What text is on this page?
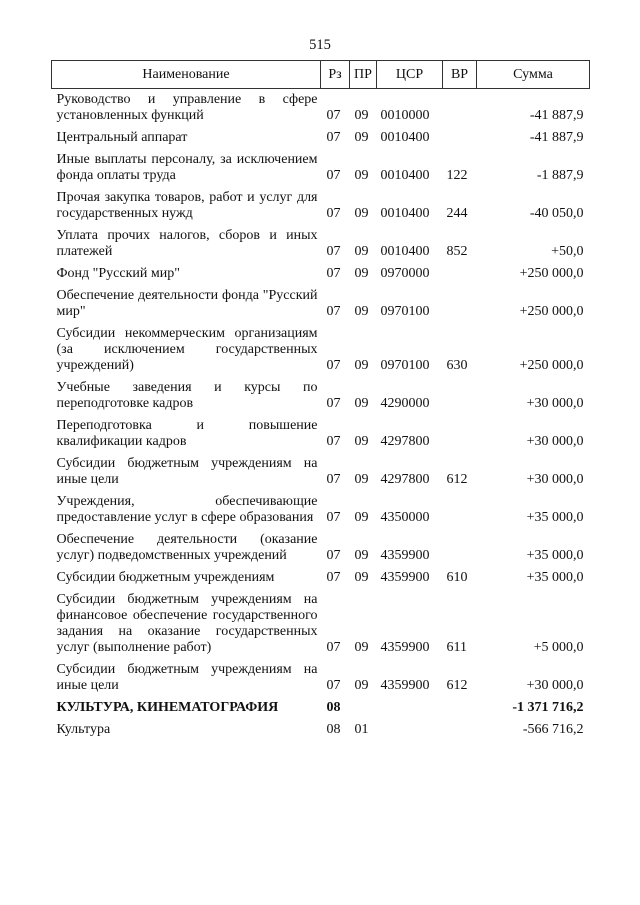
515
Наименование	Рз	ПР	ЦСР	ВР	Сумма
Руководство и управление в сфере установленных функций	07	09	0010000		-41 887,9
Центральный аппарат	07	09	0010400		-41 887,9
Иные выплаты персоналу, за исключением фонда оплаты труда	07	09	0010400	122	-1 887,9
Прочая закупка товаров, работ и услуг для государственных нужд	07	09	0010400	244	-40 050,0
Уплата прочих налогов, сборов и иных платежей	07	09	0010400	852	+50,0
Фонд "Русский мир"	07	09	0970000		+250 000,0
Обеспечение деятельности фонда "Русский мир"	07	09	0970100		+250 000,0
Субсидии некоммерческим организациям (за исключением государственных учреждений)	07	09	0970100	630	+250 000,0
Учебные заведения и курсы по переподготовке кадров	07	09	4290000		+30 000,0
Переподготовка и повышение квалификации кадров	07	09	4297800		+30 000,0
Субсидии бюджетным учреждениям на иные цели	07	09	4297800	612	+30 000,0
Учреждения, обеспечивающие предоставление услуг в сфере образования	07	09	4350000		+35 000,0
Обеспечение деятельности (оказание услуг) подведомственных учреждений	07	09	4359900		+35 000,0
Субсидии бюджетным учреждениям	07	09	4359900	610	+35 000,0
Субсидии бюджетным учреждениям на финансовое обеспечение государственного задания на оказание государственных услуг (выполнение работ)	07	09	4359900	611	+5 000,0
Субсидии бюджетным учреждениям на иные цели	07	09	4359900	612	+30 000,0
КУЛЬТУРА, КИНЕМАТОГРАФИЯ	08				-1 371 716,2
Культура	08	01			-566 716,2
